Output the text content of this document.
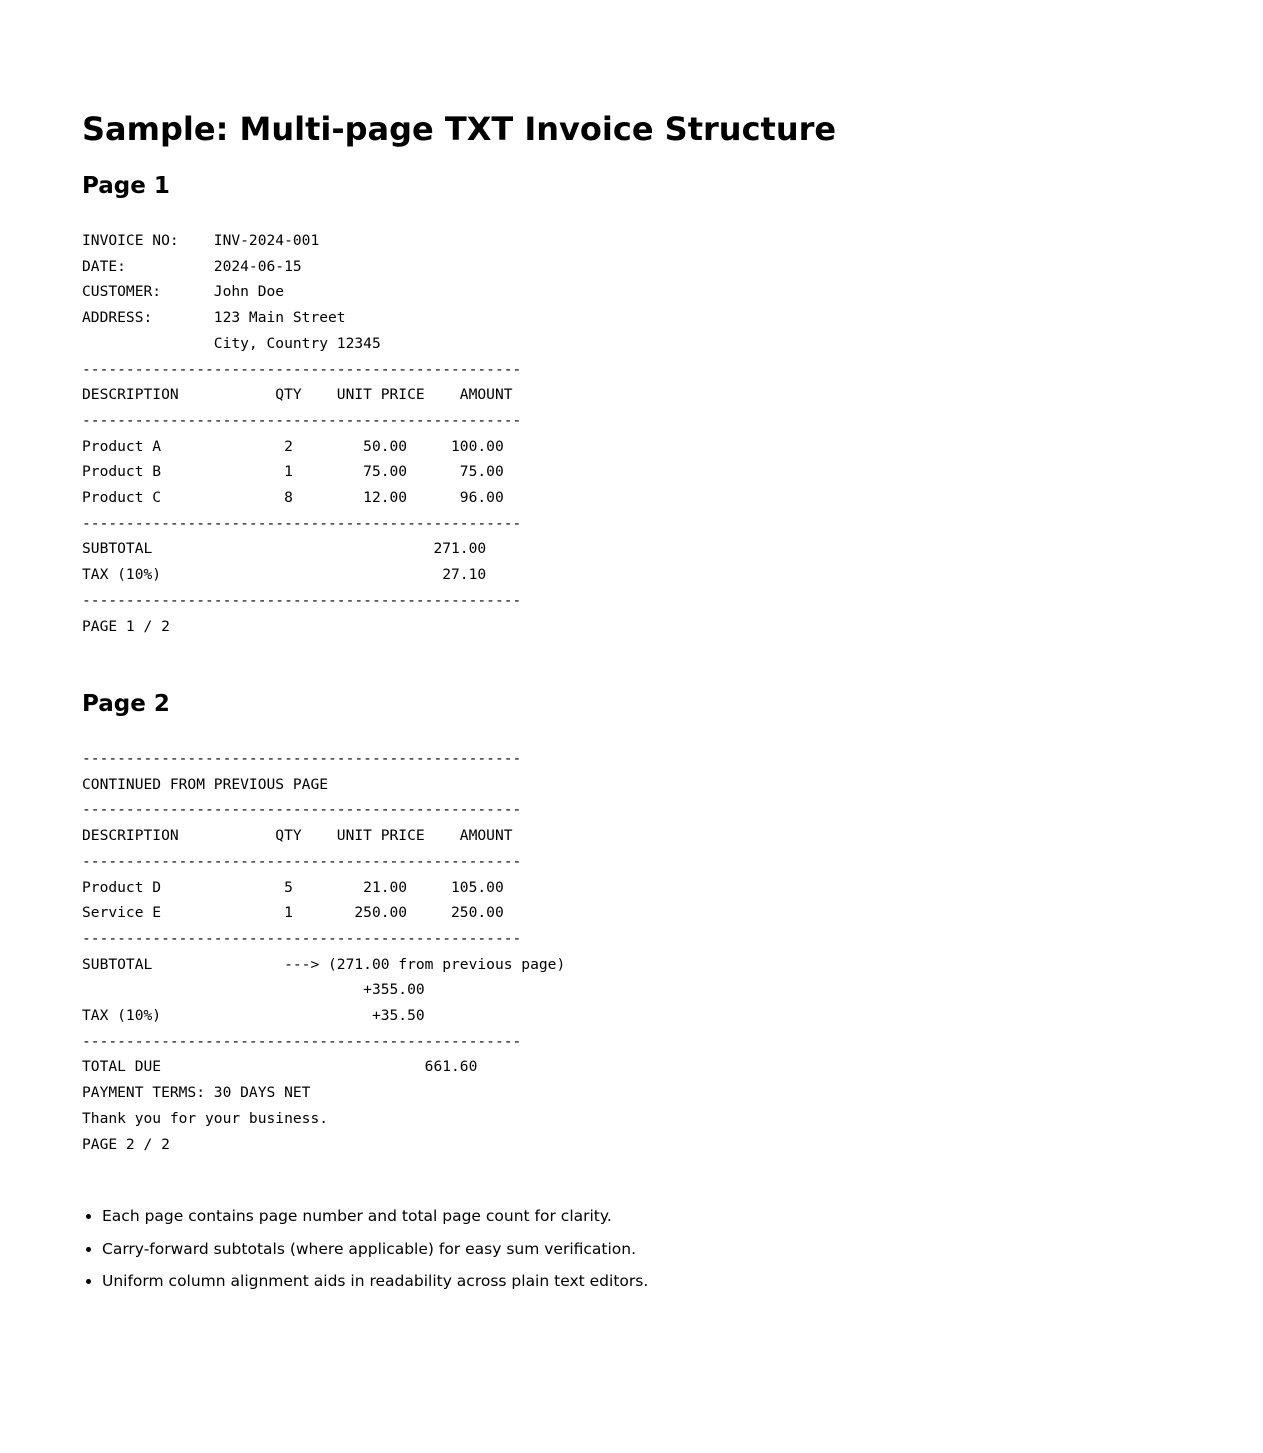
Sample: Multi-page TXT Invoice Structure
Page 1
INVOICE NO:    INV-2024-001
DATE:          2024-06-15
CUSTOMER:      John Doe
ADDRESS:       123 Main Street
City, Country 12345
--------------------------------------------------
DESCRIPTION           QTY    UNIT PRICE    AMOUNT
--------------------------------------------------
Product A              2        50.00     100.00
Product B              1        75.00      75.00
Product C              8        12.00      96.00
--------------------------------------------------
SUBTOTAL                                271.00
TAX (10%)                                27.10
--------------------------------------------------
PAGE 1 / 2
Page 2
--------------------------------------------------
CONTINUED FROM PREVIOUS PAGE
--------------------------------------------------
DESCRIPTION           QTY    UNIT PRICE    AMOUNT
--------------------------------------------------
Product D              5        21.00     105.00
Service E              1       250.00     250.00
--------------------------------------------------
SUBTOTAL               ---> (271.00 from previous page)
+355.00
TAX (10%)                        +35.50
--------------------------------------------------
TOTAL DUE                              661.60
PAYMENT TERMS: 30 DAYS NET
Thank you for your business.
PAGE 2 / 2
• Each page contains page number and total page count for clarity.
• Carry-forward subtotals (where applicable) for easy sum verification.
• Uniform column alignment aids in readability across plain text editors.
